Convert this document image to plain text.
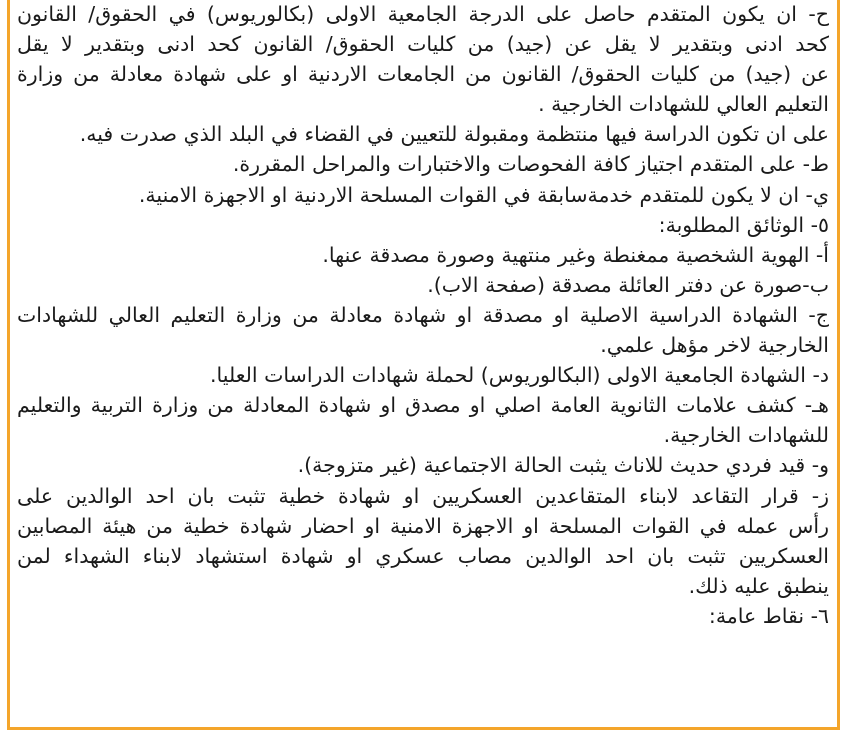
ح- ان يكون المتقدم حاصل على الدرجة الجامعية الاولى (بكالوريوس) في الحقوق/ القانون
كحد ادنى وبتقدير لا يقل عن (جيد) من كليات الحقوق/ القانون كحد ادنى وبتقدير لا يقل
عن (جيد) من كليات الحقوق/ القانون من الجامعات الاردنية او على شهادة معادلة من وزارة
التعليم العالي للشهادات الخارجية .
على ان تكون الدراسة فيها منتظمة ومقبولة للتعيين في القضاء في البلد الذي صدرت فيه.
ط- على المتقدم اجتياز كافة الفحوصات والاختبارات والمراحل المقررة.
ي- ان لا يكون للمتقدم خدمةسابقة في القوات المسلحة الاردنية او الاجهزة الامنية.
٥- الوثائق المطلوبة:
أ- الهوية الشخصية ممغنطة وغير منتهية وصورة مصدقة عنها.
ب-صورة عن دفتر العائلة مصدقة (صفحة الاب).
ج- الشهادة الدراسية الاصلية او مصدقة او شهادة معادلة من وزارة التعليم العالي للشهادات
الخارجية لاخر مؤهل علمي.
د- الشهادة الجامعية الاولى (البكالوريوس) لحملة شهادات الدراسات العليا.
هـ- كشف علامات الثانوية العامة اصلي او مصدق او شهادة المعادلة من وزارة التربية والتعليم
للشهادات الخارجية.
و- قيد فردي حديث للاناث يثبت الحالة الاجتماعية (غير متزوجة).
ز- قرار التقاعد لابناء المتقاعدين العسكريين او شهادة خطية تثبت بان احد الوالدين على
رأس عمله في القوات المسلحة او الاجهزة الامنية او احضار شهادة خطية من هيئة المصابين
العسكريين تثبت بان احد الوالدين مصاب عسكري او شهادة استشهاد لابناء الشهداء لمن
ينطبق عليه ذلك.
٦- نقاط عامة:
